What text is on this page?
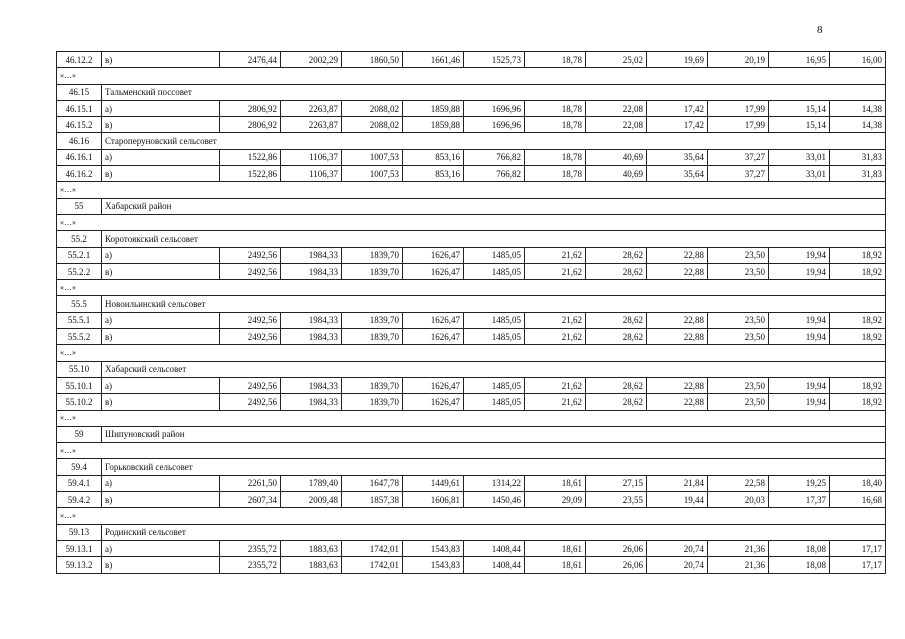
8
46.12.2	в)	2476,44	2002,29	1860,50	1661,46	1525,73	18,78	25,02	19,69	20,19	16,95	16,00
«…»												
46.15	Тальменский поссовет											
46.15.1	а)	2806,92	2263,87	2088,02	1859,88	1696,96	18,78	22,08	17,42	17,99	15,14	14,38
46.15.2	в)	2806,92	2263,87	2088,02	1859,88	1696,96	18,78	22,08	17,42	17,99	15,14	14,38
46.16	Староперуновский сельсовет											
46.16.1	а)	1522,86	1106,37	1007,53	853,16	766,82	18,78	40,69	35,64	37,27	33,01	31,83
46.16.2	в)	1522,86	1106,37	1007,53	853,16	766,82	18,78	40,69	35,64	37,27	33,01	31,83
«…»												
55	Хабарский район											
«…»												
55.2	Коротоякский сельсовет											
55.2.1	а)	2492,56	1984,33	1839,70	1626,47	1485,05	21,62	28,62	22,88	23,50	19,94	18,92
55.2.2	в)	2492,56	1984,33	1839,70	1626,47	1485,05	21,62	28,62	22,88	23,50	19,94	18,92
«…»												
55.5	Новоильинский сельсовет											
55.5.1	а)	2492,56	1984,33	1839,70	1626,47	1485,05	21,62	28,62	22,88	23,50	19,94	18,92
55.5.2	в)	2492,56	1984,33	1839,70	1626,47	1485,05	21,62	28,62	22,88	23,50	19,94	18,92
«…»												
55.10	Хабарский сельсовет											
55.10.1	а)	2492,56	1984,33	1839,70	1626,47	1485,05	21,62	28,62	22,88	23,50	19,94	18,92
55.10.2	в)	2492,56	1984,33	1839,70	1626,47	1485,05	21,62	28,62	22,88	23,50	19,94	18,92
«…»												
59	Шипуновский район											
«…»												
59.4	Горьковский сельсовет											
59.4.1	а)	2261,50	1789,40	1647,78	1449,61	1314,22	18,61	27,15	21,84	22,58	19,25	18,40
59.4.2	в)	2607,34	2009,48	1857,38	1606,81	1450,46	29,09	23,55	19,44	20,03	17,37	16,68
«…»												
59.13	Родинский сельсовет											
59.13.1	а)	2355,72	1883,63	1742,01	1543,83	1408,44	18,61	26,06	20,74	21,36	18,08	17,17
59.13.2	в)	2355,72	1883,63	1742,01	1543,83	1408,44	18,61	26,06	20,74	21,36	18,08	17,17
